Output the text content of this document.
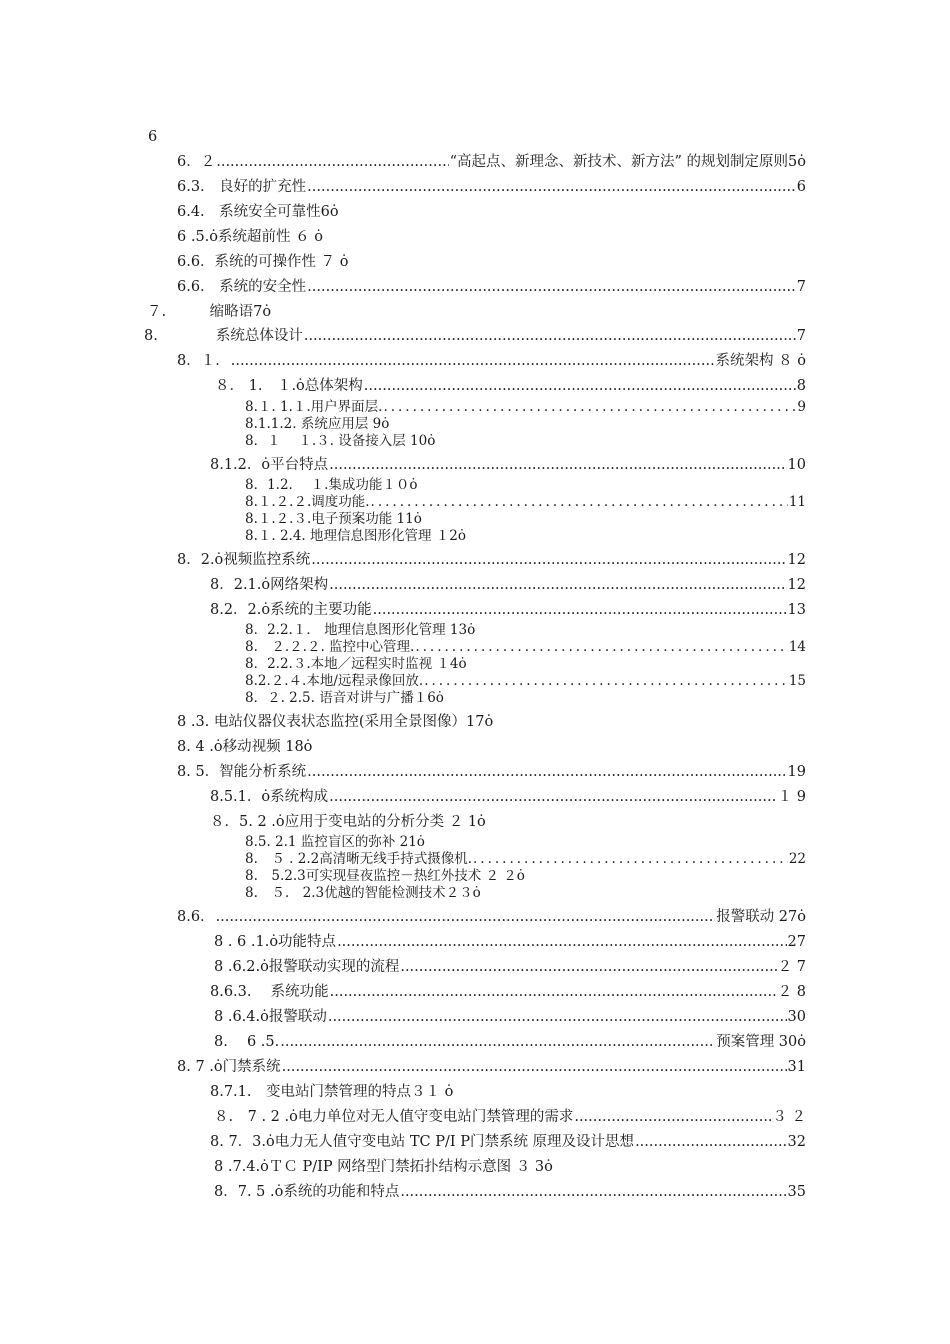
6
6．２ .....	“高起点、新理念、新技术、新方法” 的规划制定原则5ȯ
6.3.　良好的扩充性 .....	6
6.4.　系统安全可靠性6ȯ
6 .5.ȯ系统超前性 ６ ȯ
6.6．系统的可操作性 ７ ȯ
6.6.　系统的安全性 .....	7
７.　　　缩略语7ȯ
8.　　　　系统总体设计 .....	7
8．１． .....	系统架构 ８ ȯ
８． 1.　１.ȯ总体架构 .....	8
8.１. 1.１.用户界面层. .....	9
8.1.1.2. 系统应用层 9ȯ
8．１ 　１.３. 设备接入层 10ȯ
8.1.2．ȯ平台特点 .....	10
8．1.2. 　１.集成功能１０ȯ
8.１.２.２.调度功能. .....	11
8.１.２.３.电子预案功能 11ȯ
8.１. 2.4. 地理信息图形化管理 １2ȯ
8．2.ȯ视频监控系统 .....	12
8．2.1.ȯ网络架构 .....	12
8.2．2.ȯ系统的主要功能 .....	13
8．2.2.１． 地理信息图形化管理 13ȯ
8.　２.２.２. 监控中心管理. .....	14
8．2.2.３.本地／远程实时监视 １4ȯ
8.2.２.４.本地/远程录像回放. .....	15
8．２. 2.5. 语音对讲与广播１6ȯ
8 .3. 电站仪器仪表状态监控(采用全景图像）17ȯ
8. 4 .ȯ移动视频 18ȯ
8. 5．智能分析系统 .....	19
8.5.1．ȯ系统构成 .....	１ 9
８．5. 2 .ȯ应用于变电站的分析分类 ２ 1ȯ
8.5. 2.1 监控盲区的弥补 21ȯ
8.　５ . 2.2高清晰无线手持式摄像机. .....	22
8.　5.2.3可实现昼夜监控－热红外技术 ２ ２ȯ
8.　５.　2.3优越的智能检测技术２３ȯ
8.6． .....	报警联动 27ȯ
8 . 6 .1.ȯ功能特点 .....	27
8 .6.2.ȯ报警联动实现的流程 .....	２ 7
8.6.3.　 系统功能 .....	２ 8
8 .6.4.ȯ报警联动 .....	30
8.　 6 .5. .....	预案管理 30ȯ
8. 7 .ȯ门禁系统 .....	31
8.7.1.　变电站门禁管理的特点３１ ȯ
８.　7 . 2 .ȯ电力单位对无人值守变电站门禁管理的需求 .....	３ ２
8. 7．3.ȯ电力无人值守变电站 TC P/I P门禁系统 原理及设计思想 .....	32
8 .7.4.ȯＴＣ P/IP 网络型门禁拓扑结构示意图 ３ 3ȯ
8．7. 5 .ȯ系统的功能和特点 .....	35
